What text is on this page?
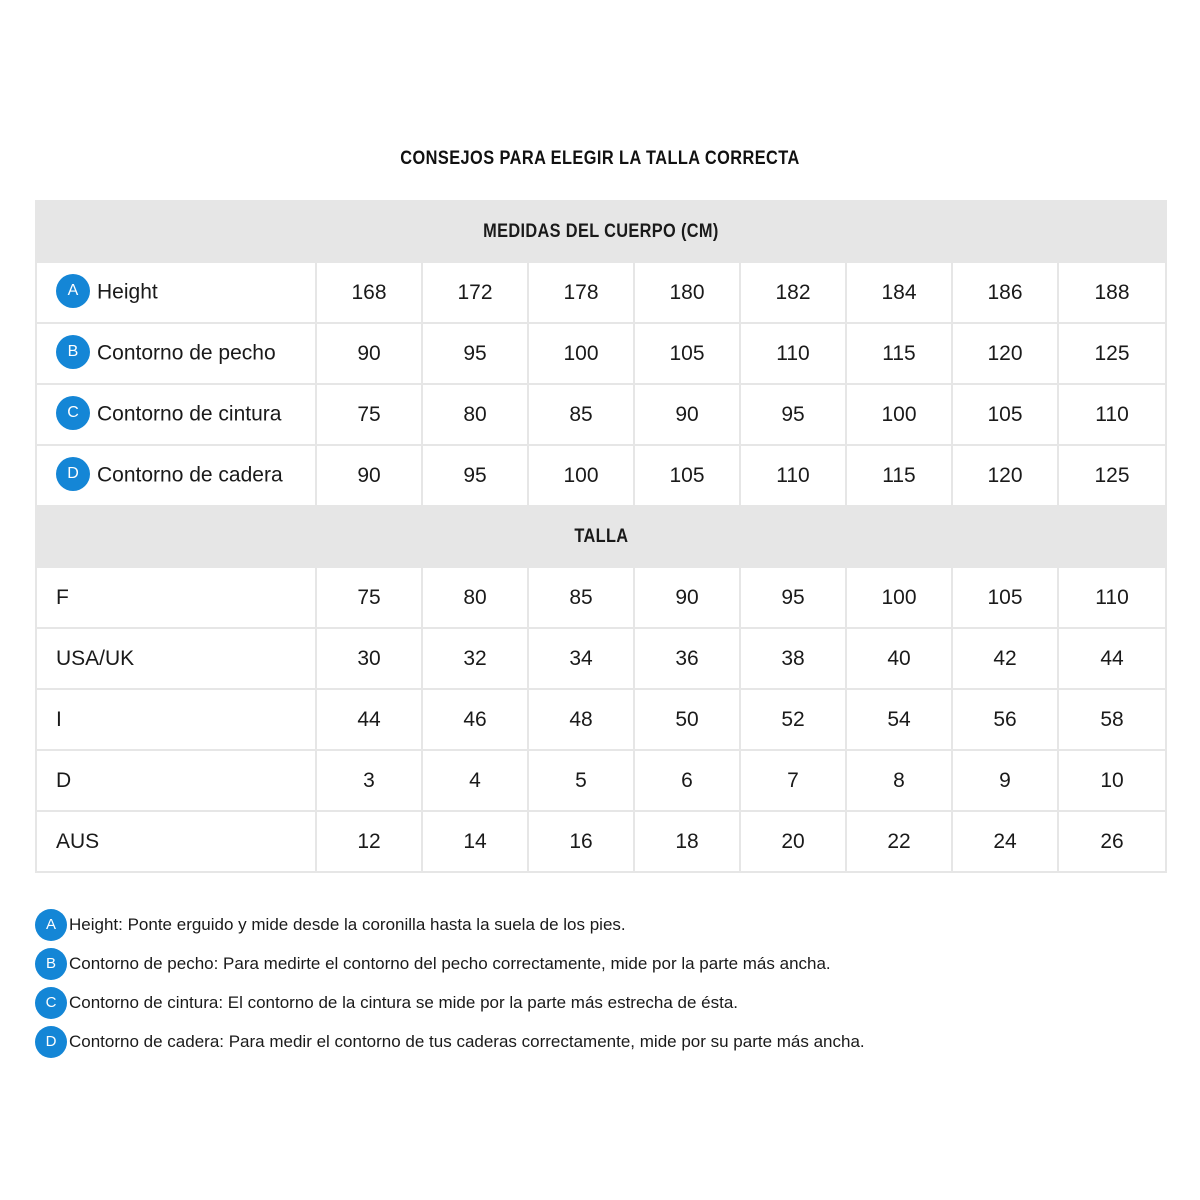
CONSEJOS PARA ELEGIR LA TALLA CORRECTA
MEDIDAS DEL CUERPO (CM)								
A Height	168	172	178	180	182	184	186	188
B Contorno de pecho	90	95	100	105	110	115	120	125
C Contorno de cintura	75	80	85	90	95	100	105	110
D Contorno de cadera	90	95	100	105	110	115	120	125
TALLA								
F	75	80	85	90	95	100	105	110
USA/UK	30	32	34	36	38	40	42	44
I	44	46	48	50	52	54	56	58
D	3	4	5	6	7	8	9	10
AUS	12	14	16	18	20	22	24	26
A Height: Ponte erguido y mide desde la coronilla hasta la suela de los pies.
B Contorno de pecho: Para medirte el contorno del pecho correctamente, mide por la parte más ancha.
C Contorno de cintura: El contorno de la cintura se mide por la parte más estrecha de ésta.
D Contorno de cadera: Para medir el contorno de tus caderas correctamente, mide por su parte más ancha.
